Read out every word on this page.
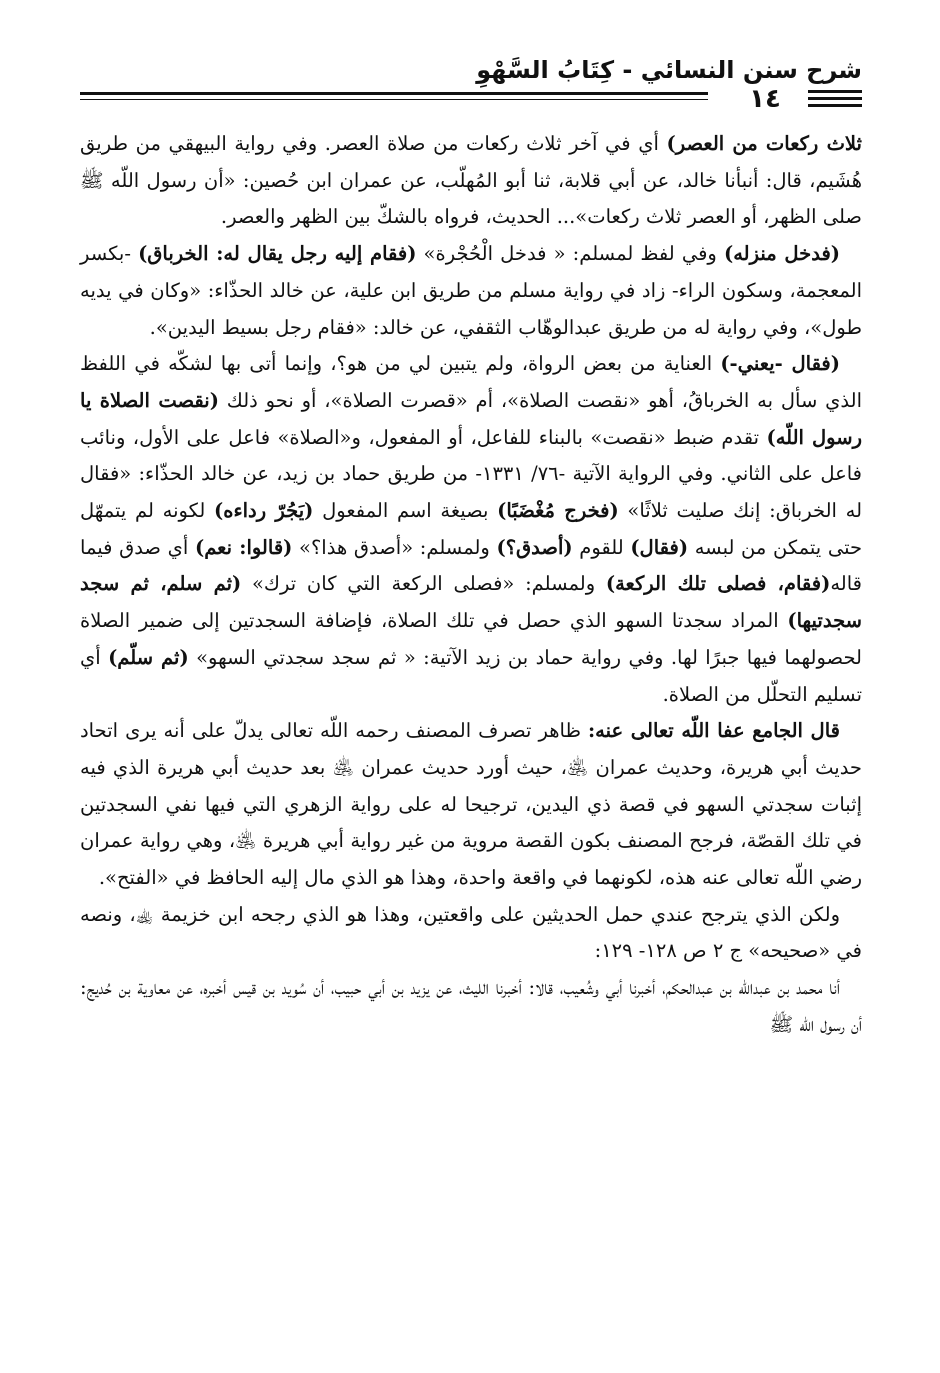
شرح سنن النسائي - كِتَابُ السَّهْوِ
١٤

ثلاث ركعات من العصر) أي في آخر ثلاث ركعات من صلاة العصر. وفي رواية البيهقي من طريق هُشَيم، قال: أنبأنا خالد، عن أبي قلابة، ثنا أبو المُهلّب، عن عمران ابن حُصين: «أن رسول اللّه ﷺ صلى الظهر، أو العصر ثلاث ركعات»... الحديث، فرواه بالشكّ بين الظهر والعصر.

(فدخل منزله) وفي لفظ لمسلم: « فدخل الْحُجْرة» (فقام إليه رجل يقال له: الخرباق) -بكسر المعجمة، وسكون الراء- زاد في رواية مسلم من طريق ابن علية، عن خالد الحذّاء: «وكان في يديه طول»، وفي رواية له من طريق عبدالوهّاب الثقفي، عن خالد: «فقام رجل بسيط اليدين».

(فقال -يعني-) العناية من بعض الرواة، ولم يتبين لي من هو؟، وإنما أتى بها لشكّه في اللفظ الذي سأل به الخرباقُ، أهو «نقصت الصلاة»، أم «قصرت الصلاة»، أو نحو ذلك (نقصت الصلاة يا رسول اللّه) تقدم ضبط «نقصت» بالبناء للفاعل، أو المفعول، و«الصلاة» فاعل على الأول، ونائب فاعل على الثاني. وفي الرواية الآتية -٧٦/ ١٣٣١- من طريق حماد بن زيد، عن خالد الحذّاء: «فقال له الخرباق: إنك صليت ثلاثًا» (فخرج مُغْضَبًا) بصيغة اسم المفعول (يَجُرّ رداءه) لكونه لم يتمهّل حتى يتمكن من لبسه (فقال) للقوم (أصدق؟) ولمسلم: «أصدق هذا؟» (قالوا: نعم) أي صدق فيما قاله(فقام، فصلى تلك الركعة) ولمسلم: «فصلى الركعة التي كان ترك» (ثم سلم، ثم سجد سجدتيها) المراد سجدتا السهو الذي حصل في تلك الصلاة، فإضافة السجدتين إلى ضمير الصلاة لحصولهما فيها جبرًا لها. وفي رواية حماد بن زيد الآتية: « ثم سجد سجدتي السهو» (ثم سلّم) أي تسليم التحلّل من الصلاة.

قال الجامع عفا اللّه تعالى عنه: ظاهر تصرف المصنف رحمه اللّه تعالى يدلّ على أنه يرى اتحاد حديث أبي هريرة، وحديث عمران ﵁، حيث أورد حديث عمران ﵁ بعد حديث أبي هريرة الذي فيه إثبات سجدتي السهو في قصة ذي اليدين، ترجيحا له على رواية الزهري التي فيها نفي السجدتين في تلك القصّة، فرجح المصنف بكون القصة مروية من غير رواية أبي هريرة ﵁، وهي رواية عمران رضي اللّه تعالى عنه هذه، لكونهما في واقعة واحدة، وهذا هو الذي مال إليه الحافظ في «الفتح».

ولكن الذي يترجح عندي حمل الحديثين على واقعتين، وهذا هو الذي رجحه ابن خزيمة ﵀، ونصه في «صحيحه» ج ٢ ص ١٢٨- ١٢٩:

أنا محمد بن عبداللّه بن عبدالحكم، أخبرنا أبي وشُعيب، قالا: أخبرنا الليث، عن يزيد بن أبي حبيب، أن سُويد بن قيس أخبره، عن معاوية بن حُديج: أن رسول اللّه ﷺ
